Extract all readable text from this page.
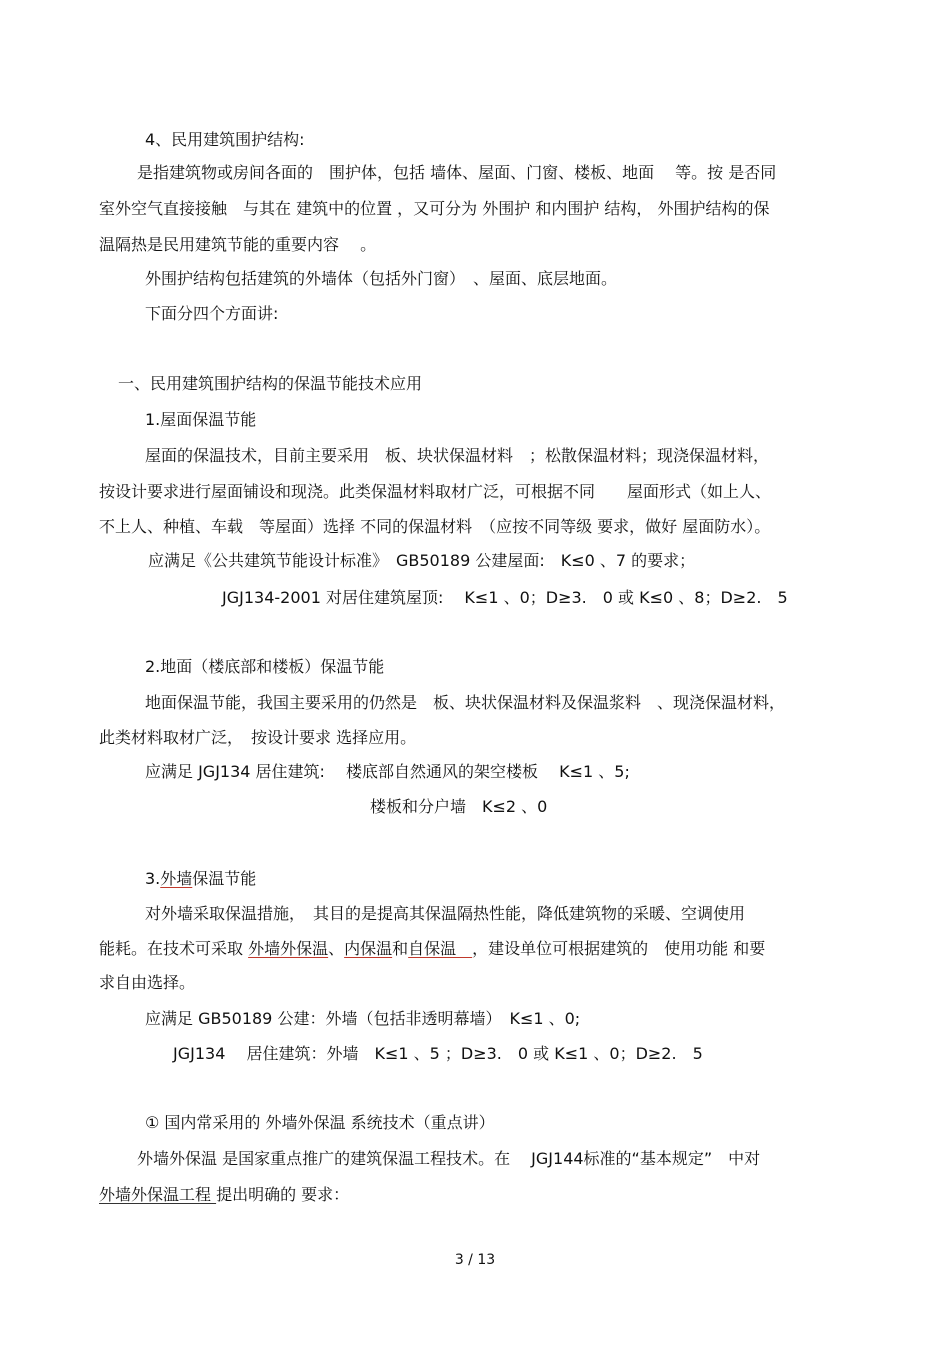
4、民用建筑围护结构:

是指建筑物或房间各面的　围护体，包括 墙体、屋面、门窗、楼板、地面　 等。按 是否同

室外空气直接接触　与其在 建筑中的位置 ，又可分为 外围护 和内围护 结构， 外围护结构的保

温隔热是民用建筑节能的重要内容　 。

外围护结构包括建筑的外墙体（包括外门窗）　、屋面、底层地面。

下面分四个方面讲:

一、民用建筑围护结构的保温节能技术应用

1.屋面保温节能

屋面的保温技术，目前主要采用　板、块状保温材料　；松散保温材料；现浇保温材料，

按设计要求进行屋面铺设和现浇。此类保温材料取材广泛，可根据不同　　屋面形式（如上人、

不上人、种植、车载　等屋面）选择 不同的保温材料　（应按不同等级 要求，做好 屋面防水）。

应满足《公共建筑节能设计标准》　GB50189 公建屋面:　K≤0 、7 的要求；

JGJ134-2001 对居住建筑屋顶:　 K≤1 、0；D≥3.　0 或 K≤0 、8；D≥2.　5

2.地面（楼底部和楼板）保温节能

地面保温节能，我国主要采用的仍然是　板、块状保温材料及保温浆料　、现浇保温材料，

此类材料取材广泛，　按设计要求 选择应用。

应满足 JGJ134 居住建筑:　 楼底部自然通风的架空楼板　 K≤1 、5;

楼板和分户墙　K≤2 、0

3.外墙保温节能

对外墙采取保温措施，　其目的是提高其保温隔热性能，降低建筑物的采暖、空调使用

能耗。在技术可采取 外墙外保温、内保温和自保温　，建设单位可根据建筑的　使用功能 和要

求自由选择。

应满足 GB50189 公建：外墙（包括非透明幕墙）　K≤1 、0;

JGJ134　 居住建筑：外墙　K≤1 、5 ；D≥3.　0 或 K≤1 、0；D≥2.　5

① 国内常采用的 外墙外保温 系统技术（重点讲）

外墙外保温 是国家重点推广的建筑保温工程技术。在　 JGJ144标准的“基本规定”　中对

外墙外保温工程 提出明确的 要求：

3 / 13
